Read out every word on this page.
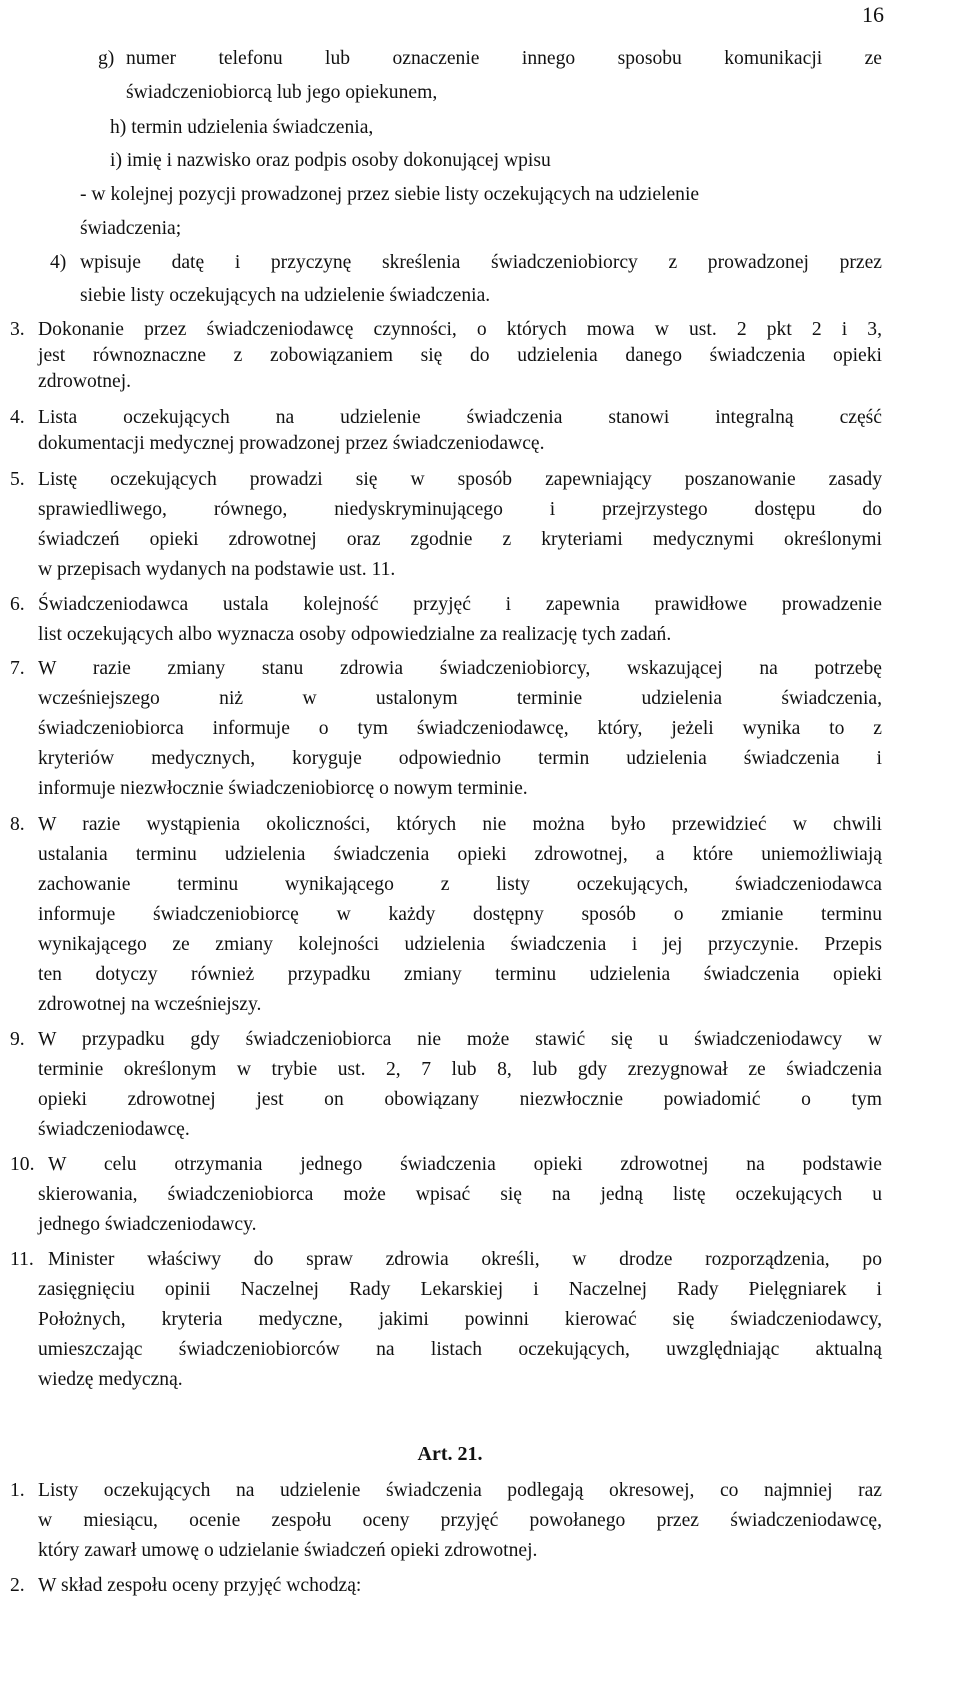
16
g) numer telefonu lub oznaczenie innego sposobu komunikacji ze
świadczeniobiorcą lub jego opiekunem,
h) termin udzielenia świadczenia,
i) imię i nazwisko oraz podpis osoby dokonującej wpisu
- w kolejnej pozycji prowadzonej przez siebie listy oczekujących na udzielenie
świadczenia;
4) wpisuje datę i przyczynę skreślenia świadczeniobiorcy z prowadzonej przez
siebie listy oczekujących na udzielenie świadczenia.
3. Dokonanie przez świadczeniodawcę czynności, o których mowa w ust. 2 pkt 2 i 3,
jest równoznaczne z zobowiązaniem się do udzielenia danego świadczenia opieki
zdrowotnej.
4. Lista oczekujących na udzielenie świadczenia stanowi integralną część
dokumentacji medycznej prowadzonej przez świadczeniodawcę.
5. Listę oczekujących prowadzi się w sposób zapewniający poszanowanie zasady
sprawiedliwego, równego, niedyskryminującego i przejrzystego dostępu do
świadczeń opieki zdrowotnej oraz zgodnie z kryteriami medycznymi określonymi
w przepisach wydanych na podstawie ust. 11.
6. Świadczeniodawca ustala kolejność przyjęć i zapewnia prawidłowe prowadzenie
list oczekujących albo wyznacza osoby odpowiedzialne za realizację tych zadań.
7. W razie zmiany stanu zdrowia świadczeniobiorcy, wskazującej na potrzebę
wcześniejszego niż w ustalonym terminie udzielenia świadczenia,
świadczeniobiorca informuje o tym świadczeniodawcę, który, jeżeli wynika to z
kryteriów medycznych, koryguje odpowiednio termin udzielenia świadczenia i
informuje niezwłocznie świadczeniobiorcę o nowym terminie.
8. W razie wystąpienia okoliczności, których nie można było przewidzieć w chwili
ustalania terminu udzielenia świadczenia opieki zdrowotnej, a które uniemożliwiają
zachowanie terminu wynikającego z listy oczekujących, świadczeniodawca
informuje świadczeniobiorcę w każdy dostępny sposób o zmianie terminu
wynikającego ze zmiany kolejności udzielenia świadczenia i jej przyczynie. Przepis
ten dotyczy również przypadku zmiany terminu udzielenia świadczenia opieki
zdrowotnej na wcześniejszy.
9. W przypadku gdy świadczeniobiorca nie może stawić się u świadczeniodawcy w
terminie określonym w trybie ust. 2, 7 lub 8, lub gdy zrezygnował ze świadczenia
opieki zdrowotnej jest on obowiązany niezwłocznie powiadomić o tym
świadczeniodawcę.
10. W celu otrzymania jednego świadczenia opieki zdrowotnej na podstawie
skierowania, świadczeniobiorca może wpisać się na jedną listę oczekujących u
jednego świadczeniodawcy.
11. Minister właściwy do spraw zdrowia określi, w drodze rozporządzenia, po
zasięgnięciu opinii Naczelnej Rady Lekarskiej i Naczelnej Rady Pielęgniarek i
Położnych, kryteria medyczne, jakimi powinni kierować się świadczeniodawcy,
umieszczając świadczeniobiorców na listach oczekujących, uwzględniając aktualną
wiedzę medyczną.
Art. 21.
1. Listy oczekujących na udzielenie świadczenia podlegają okresowej, co najmniej raz
w miesiącu, ocenie zespołu oceny przyjęć powołanego przez świadczeniodawcę,
który zawarł umowę o udzielanie świadczeń opieki zdrowotnej.
2. W skład zespołu oceny przyjęć wchodzą:
